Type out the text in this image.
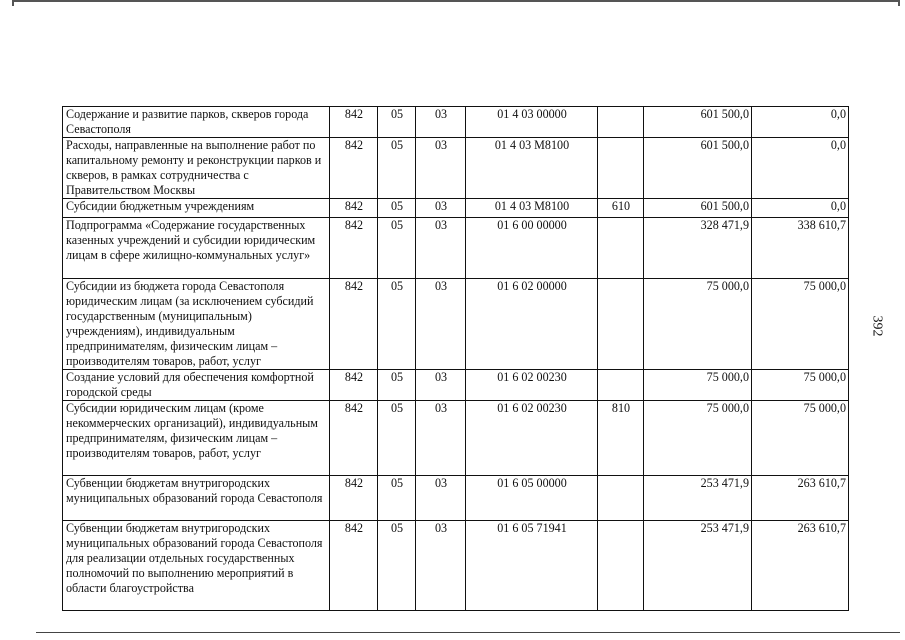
Содержание и развитие парков, скверов города Севастополя	842	05	03	01 4 03 00000		601 500,0	0,0
Расходы, направленные на выполнение работ по капитальному ремонту и реконструкции парков и скверов, в рамках сотрудничества с Правительством Москвы	842	05	03	01 4 03 М8100		601 500,0	0,0
Субсидии бюджетным учреждениям	842	05	03	01 4 03 М8100	610	601 500,0	0,0
Подпрограмма «Содержание государственных казенных учреждений и субсидии юридическим лицам в сфере жилищно-коммунальных услуг»	842	05	03	01 6 00 00000		328 471,9	338 610,7
Субсидии из бюджета города Севастополя юридическим лицам (за исключением субсидий государственным (муниципальным) учреждениям), индивидуальным предпринимателям, физическим лицам – производителям товаров, работ, услуг	842	05	03	01 6 02 00000		75 000,0	75 000,0
Создание условий для обеспечения комфортной городской среды	842	05	03	01 6 02 00230		75 000,0	75 000,0
Субсидии юридическим лицам (кроме некоммерческих организаций), индивидуальным предпринимателям, физическим лицам – производителям товаров, работ, услуг	842	05	03	01 6 02 00230	810	75 000,0	75 000,0
Субвенции бюджетам внутригородских муниципальных образований города Севастополя	842	05	03	01 6 05 00000		253 471,9	263 610,7
Субвенции бюджетам внутригородских муниципальных образований города Севастополя для реализации отдельных государственных полномочий по выполнению мероприятий в области благоустройства	842	05	03	01 6 05 71941		253 471,9	263 610,7
392
